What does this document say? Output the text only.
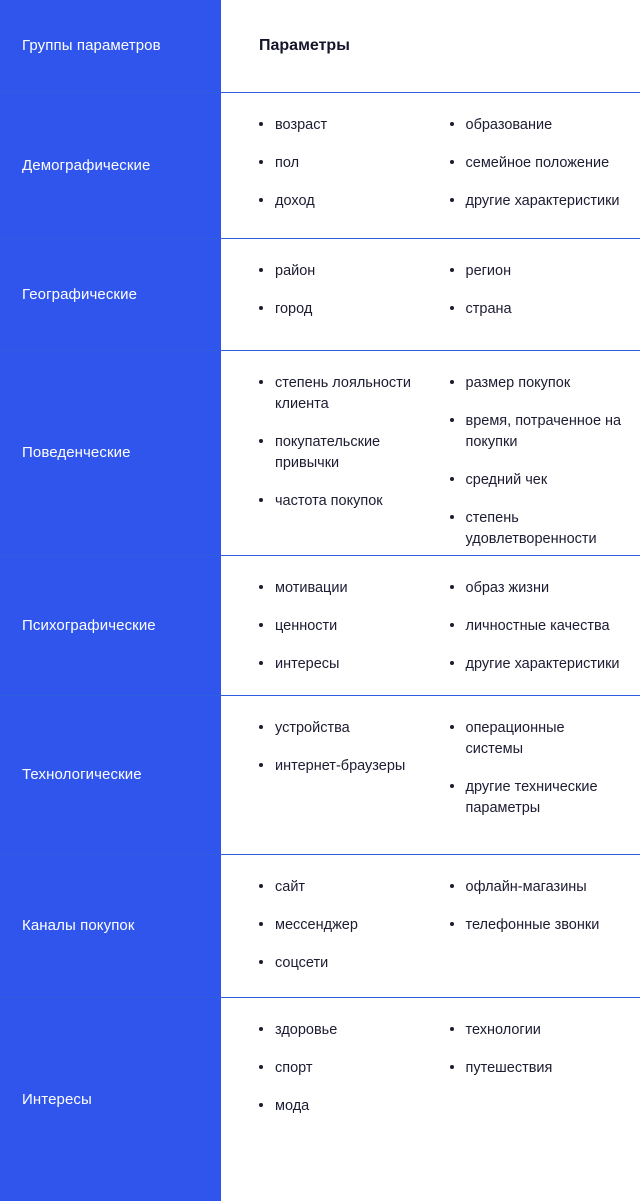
Группы параметров	Параметры
Демографические
возраст
пол
доход
образование
семейное положение
другие характеристики
Географические
район
город
регион
страна
Поведенческие
степень лояльности клиента
покупательские привычки
частота покупок
размер покупок
время, потраченное на покупки
средний чек
степень удовлетворенности
Психографические
мотивации
ценности
интересы
образ жизни
личностные качества
другие характеристики
Технологические
устройства
интернет-браузеры
операционные системы
другие технические параметры
Каналы покупок
сайт
мессенджер
соцсети
офлайн-магазины
телефонные звонки
Интересы
здоровье
спорт
мода
технологии
путешествия
